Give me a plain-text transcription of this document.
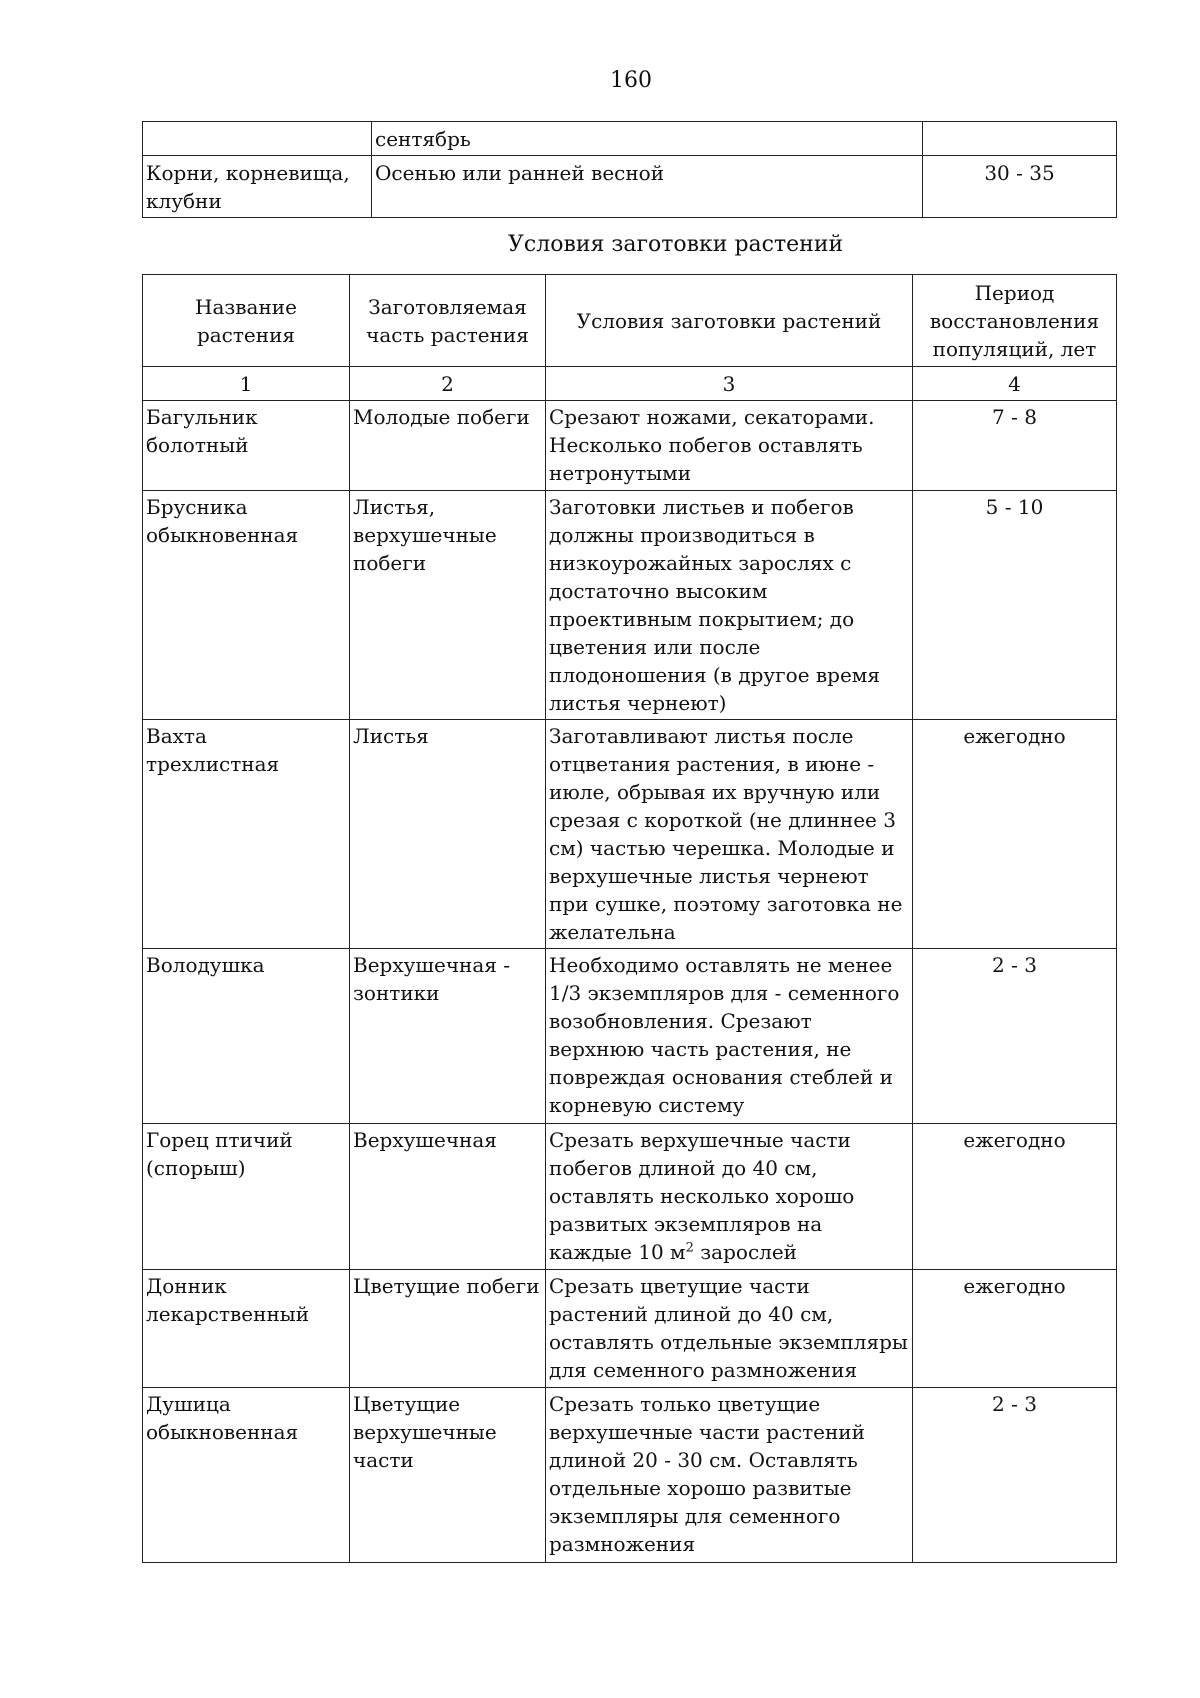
160
	сентябрь	
Корни, корневища, клубни	Осенью или ранней весной	30 - 35
Условия заготовки растений
Название растения	Заготовляемая часть растения	Условия заготовки растений	Период восстановления популяций, лет
1	2	3	4
Багульник болотный	Молодые побеги	Срезают ножами, секаторами. Несколько побегов оставлять нетронутыми	7 - 8
Брусника обыкновенная	Листья, верхушечные побеги	Заготовки листьев и побегов должны производиться в низкоурожайных зарослях с достаточно высоким проективным покрытием; до цветения или после плодоношения (в другое время листья чернеют)	5 - 10
Вахта трехлистная	Листья	Заготавливают листья после отцветания растения, в июне - июле, обрывая их вручную или срезая с короткой (не длиннее 3 см) частью черешка. Молодые и верхушечные листья чернеют при сушке, поэтому заготовка не желательна	ежегодно
Володушка	Верхушечная - зонтики	Необходимо оставлять не менее 1/3 экземпляров для - семенного возобновления. Срезают верхнюю часть растения, не повреждая основания стеблей и корневую систему	2 - 3
Горец птичий (спорыш)	Верхушечная	Срезать верхушечные части побегов длиной до 40 см, оставлять несколько хорошо развитых экземпляров на каждые 10 $м^2$ зарослей	ежегодно
Донник лекарственный	Цветущие побеги	Срезать цветущие части растений длиной до 40 см, оставлять отдельные экземпляры для семенного размножения	ежегодно
Душица обыкновенная	Цветущие верхушечные части	Срезать только цветущие верхушечные части растений длиной 20 - 30 см. Оставлять отдельные хорошо развитые экземпляры для семенного размножения	2 - 3
